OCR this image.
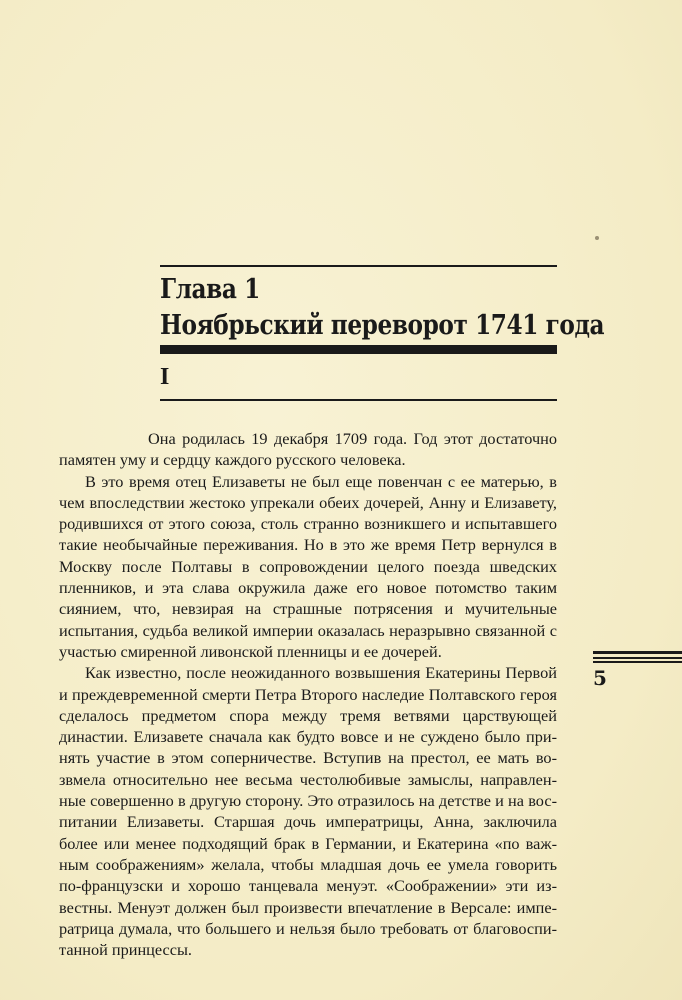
Глава 1
Ноябрьский переворот 1741 года
I

Она родилась 19 декабря 1709 года. Год этот достаточно памятен уму и сердцу каждого русского человека.

В это время отец Елизаветы не был еще повенчан с ее матерью, в чем впоследствии жестоко упрекали обеих дочерей, Анну и Елизавету, родившихся от этого союза, столь странно возникшего и испытавшего такие необычайные переживания. Но в это же время Петр вернулся в Москву после Полтавы в сопровождении целого поезда шведских пленников, и эта слава окружила даже его новое потомство таким сиянием, что, невзирая на страшные потрясения и мучительные испытания, судьба великой империи оказалась неразрывно связанной с участью смиренной ливонской пленницы и ее дочерей.

Как известно, после неожиданного возвышения Екатерины Первой и преждевременной смерти Петра Второго наследие Полтавского героя сделалось предметом спора между тремя ветвями царствующей династии. Елизавете сначала как будто вовсе и не суждено было принять участие в этом соперничестве. Вступив на престол, ее мать возвмела относительно нее весьма честолюбивые замыслы, направленные совершенно в другую сторону. Это отразилось на детстве и на воспитании Елизаветы. Старшая дочь императрицы, Анна, заключила более или менее подходящий брак в Германии, и Екатерина «по важным соображениям» желала, чтобы младшая дочь ее умела говорить по-французски и хорошо танцевала менуэт. «Соображении» эти известны. Менуэт должен был произвести впечатление в Версале: императрица думала, что большего и нельзя было требовать от благовоспитанной принцессы.

5
